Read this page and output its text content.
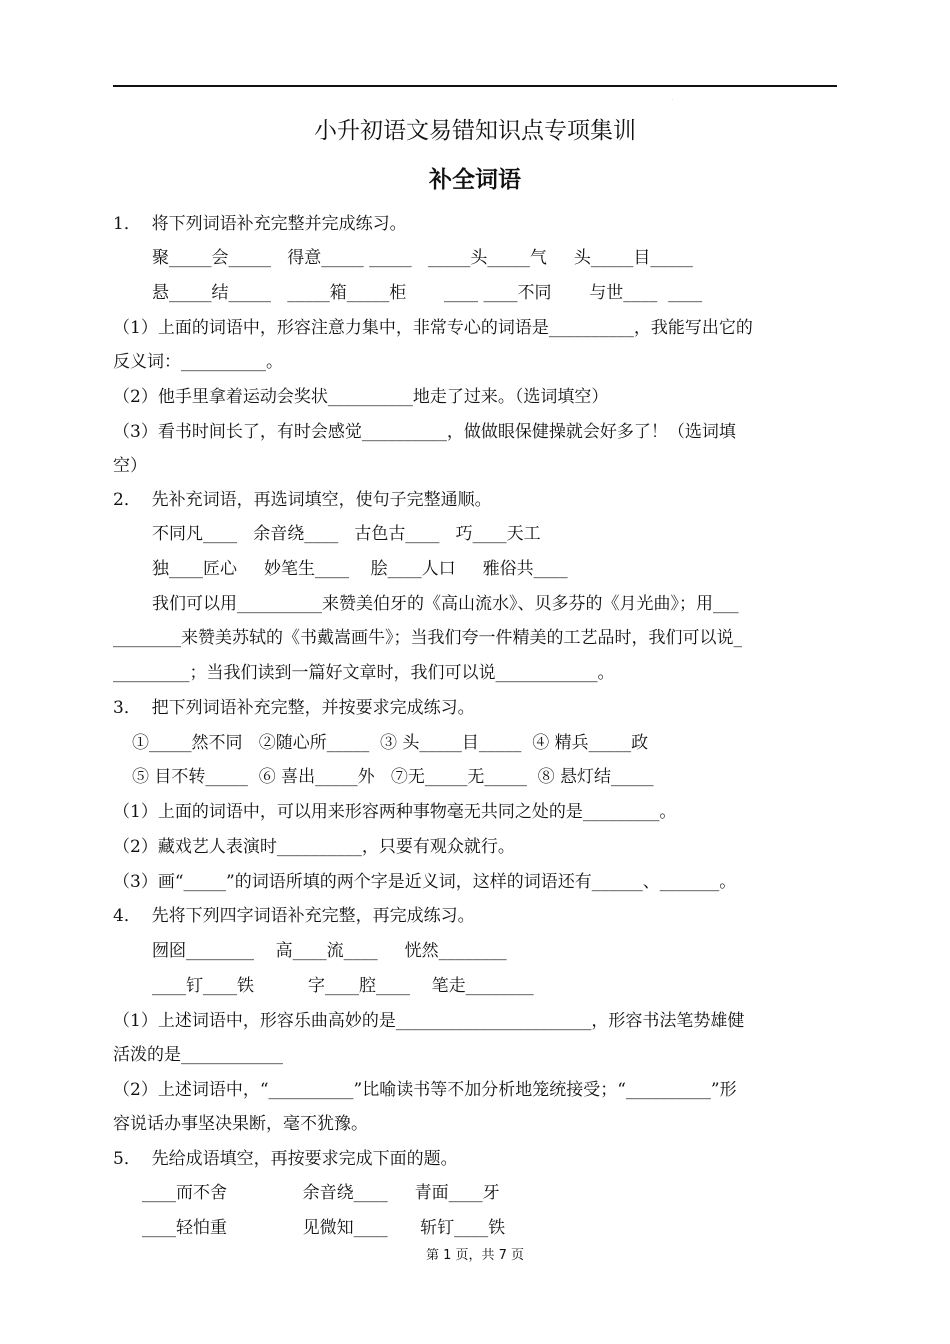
·
小升初语文易错知识点专项集训
补全词语
1．  将下列词语补充完整并完成练习。
聚_____会_____   得意_____ _____   _____头_____气     头_____目_____
悬_____结_____   _____箱_____柜       ____ ____不同       与世____  ____
（1）上面的词语中，形容注意力集中，非常专心的词语是__________，我能写出它的
反义词：__________。
（2）他手里拿着运动会奖状__________地走了过来。（选词填空）
（3）看书时间长了，有时会感觉__________，做做眼保健操就会好多了！（选词填
空）
2．  先补充词语，再选词填空，使句子完整通顺。
不同凡____   余音绕____   古色古____   巧____天工
独____匠心     妙笔生____    脍____人口     雅俗共____
我们可以用__________来赞美伯牙的《高山流水》、贝多芬的《月光曲》；用___
________来赞美苏轼的《书戴嵩画牛》；当我们夸一件精美的工艺品时，我们可以说_
_________；当我们读到一篇好文章时，我们可以说____________。
3．  把下列词语补充完整，并按要求完成练习。
①_____然不同   ②随心所_____  ③ 头_____目_____  ④ 精兵_____政
⑤ 目不转_____  ⑥ 喜出_____外   ⑦无_____无_____  ⑧ 悬灯结_____
（1）上面的词语中，可以用来形容两种事物毫无共同之处的是_________。
（2）藏戏艺人表演时__________，只要有观众就行。
（3）画“_____”的词语所填的两个字是近义词，这样的词语还有______、_______。
4．  先将下列四字词语补充完整，再完成练习。
囫囵________    高____流____     恍然________
____钉____铁          字____腔____    笔走________
（1）上述词语中，形容乐曲高妙的是_______________________，形容书法笔势雄健
活泼的是____________
（2）上述词语中，“__________”比喻读书等不加分析地笼统接受；“__________”形
容说话办事坚决果断，毫不犹豫。
5．  先给成语填空，再按要求完成下面的题。
____而不舍              余音绕____     青面____牙
____轻怕重              见微知____      斩钉____铁
第 1 页，共 7 页
